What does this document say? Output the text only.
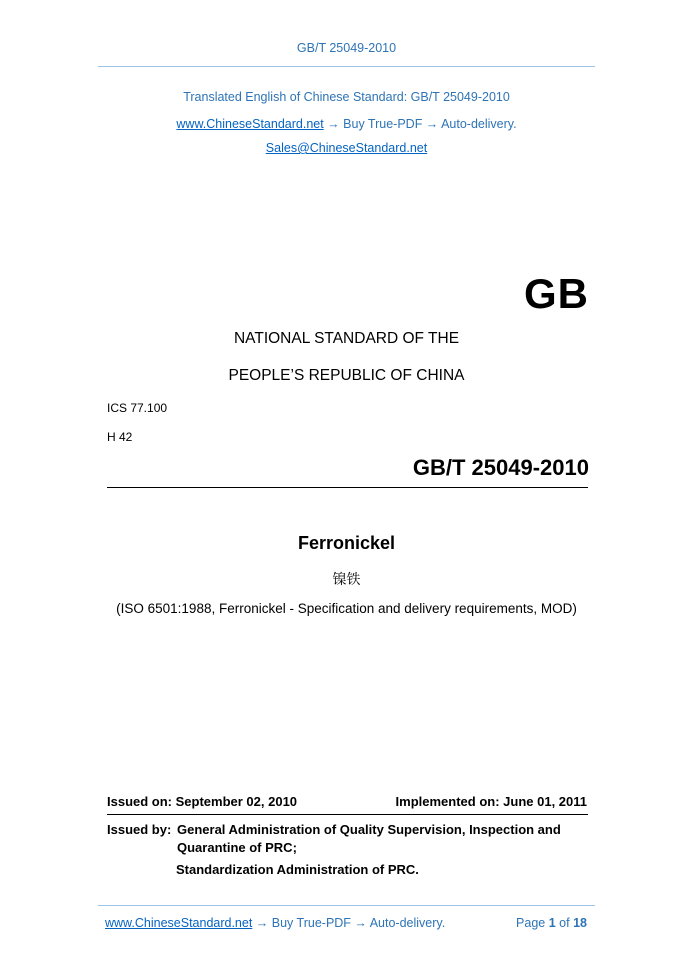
GB/T 25049-2010
Translated English of Chinese Standard: GB/T 25049-2010
www.ChineseStandard.net → Buy True-PDF → Auto-delivery.
Sales@ChineseStandard.net
GB
NATIONAL STANDARD OF THE
PEOPLE’S REPUBLIC OF CHINA
ICS 77.100
H 42
GB/T 25049-2010
Ferronickel
镍铁
(ISO 6501:1988, Ferronickel - Specification and delivery requirements, MOD)
Issued on: September 02, 2010	Implemented on: June 01, 2011
Issued by: General Administration of Quality Supervision, Inspection and
Quarantine of PRC;
Standardization Administration of PRC.
www.ChineseStandard.net → Buy True-PDF → Auto-delivery.	Page 1 of 18
